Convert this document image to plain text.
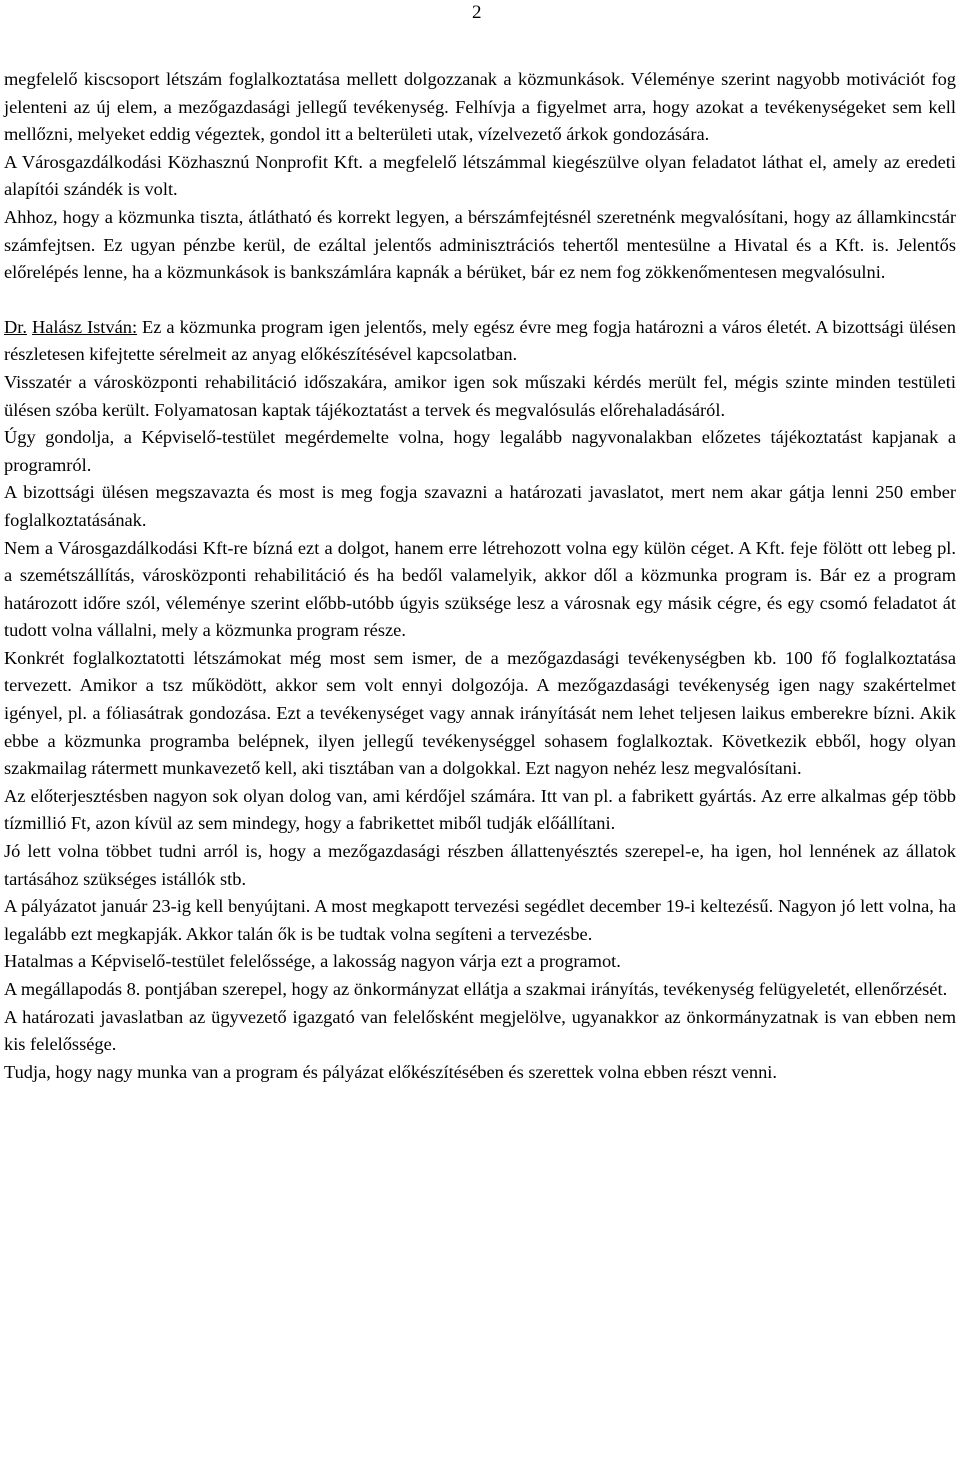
2

megfelelő kiscsoport létszám foglalkoztatása mellett dolgozzanak a közmunkások. Véleménye szerint nagyobb motivációt fog jelenteni az új elem, a mezőgazdasági jellegű tevékenység. Felhívja a figyelmet arra, hogy azokat a tevékenységeket sem kell mellőzni, melyeket eddig végeztek, gondol itt a belterületi utak, vízelvezető árkok gondozására.

A Városgazdálkodási Közhasznú Nonprofit Kft. a megfelelő létszámmal kiegészülve olyan feladatot láthat el, amely az eredeti alapítói szándék is volt.

Ahhoz, hogy a közmunka tiszta, átlátható és korrekt legyen, a bérszámfejtésnél szeretnénk megvalósítani, hogy az államkincstár számfejtsen. Ez ugyan pénzbe kerül, de ezáltal jelentős adminisztrációs tehertől mentesülne a Hivatal és a Kft. is. Jelentős előrelépés lenne, ha a közmunkások is bankszámlára kapnák a bérüket, bár ez nem fog zökkenőmentesen megvalósulni.

Dr. Halász István: Ez a közmunka program igen jelentős, mely egész évre meg fogja határozni a város életét. A bizottsági ülésen részletesen kifejtette sérelmeit az anyag előkészítésével kapcsolatban.

Visszatér a városközponti rehabilitáció időszakára, amikor igen sok műszaki kérdés merült fel, mégis szinte minden testületi ülésen szóba került. Folyamatosan kaptak tájékoztatást a tervek és megvalósulás előrehaladásáról.

Úgy gondolja, a Képviselő-testület megérdemelte volna, hogy legalább nagyvonalakban előzetes tájékoztatást kapjanak a programról.

A bizottsági ülésen megszavazta és most is meg fogja szavazni a határozati javaslatot, mert nem akar gátja lenni 250 ember foglalkoztatásának.

Nem a Városgazdálkodási Kft-re bízná ezt a dolgot, hanem erre létrehozott volna egy külön céget. A Kft. feje fölött ott lebeg pl. a szemétszállítás, városközponti rehabilitáció és ha bedől valamelyik, akkor dől a közmunka program is. Bár ez a program határozott időre szól, véleménye szerint előbb-utóbb úgyis szüksége lesz a városnak egy másik cégre, és egy csomó feladatot át tudott volna vállalni, mely a közmunka program része.

Konkrét foglalkoztatotti létszámokat még most sem ismer, de a mezőgazdasági tevékenységben kb. 100 fő foglalkoztatása tervezett. Amikor a tsz működött, akkor sem volt ennyi dolgozója. A mezőgazdasági tevékenység igen nagy szakértelmet igényel, pl. a fóliasátrak gondozása. Ezt a tevékenységet vagy annak irányítását nem lehet teljesen laikus emberekre bízni. Akik ebbe a közmunka programba belépnek, ilyen jellegű tevékenységgel sohasem foglalkoztak. Következik ebből, hogy olyan szakmailag rátermett munkavezető kell, aki tisztában van a dolgokkal. Ezt nagyon nehéz lesz megvalósítani.

Az előterjesztésben nagyon sok olyan dolog van, ami kérdőjel számára. Itt van pl. a fabrikett gyártás. Az erre alkalmas gép több tízmillió Ft, azon kívül az sem mindegy, hogy a fabrikettet miből tudják előállítani.

Jó lett volna többet tudni arról is, hogy a mezőgazdasági részben állattenyésztés szerepel-e, ha igen, hol lennének az állatok tartásához szükséges istállók stb.

A pályázatot január 23-ig kell benyújtani. A most megkapott tervezési segédlet december 19-i keltezésű. Nagyon jó lett volna, ha legalább ezt megkapják. Akkor talán ők is be tudtak volna segíteni a tervezésbe.

Hatalmas a Képviselő-testület felelőssége, a lakosság nagyon várja ezt a programot.

A megállapodás 8. pontjában szerepel, hogy az önkormányzat ellátja a szakmai irányítás, tevékenység felügyeletét, ellenőrzését.

A határozati javaslatban az ügyvezető igazgató van felelősként megjelölve, ugyanakkor az önkormányzatnak is van ebben nem kis felelőssége.

Tudja, hogy nagy munka van a program és pályázat előkészítésében és szerettek volna ebben részt venni.
